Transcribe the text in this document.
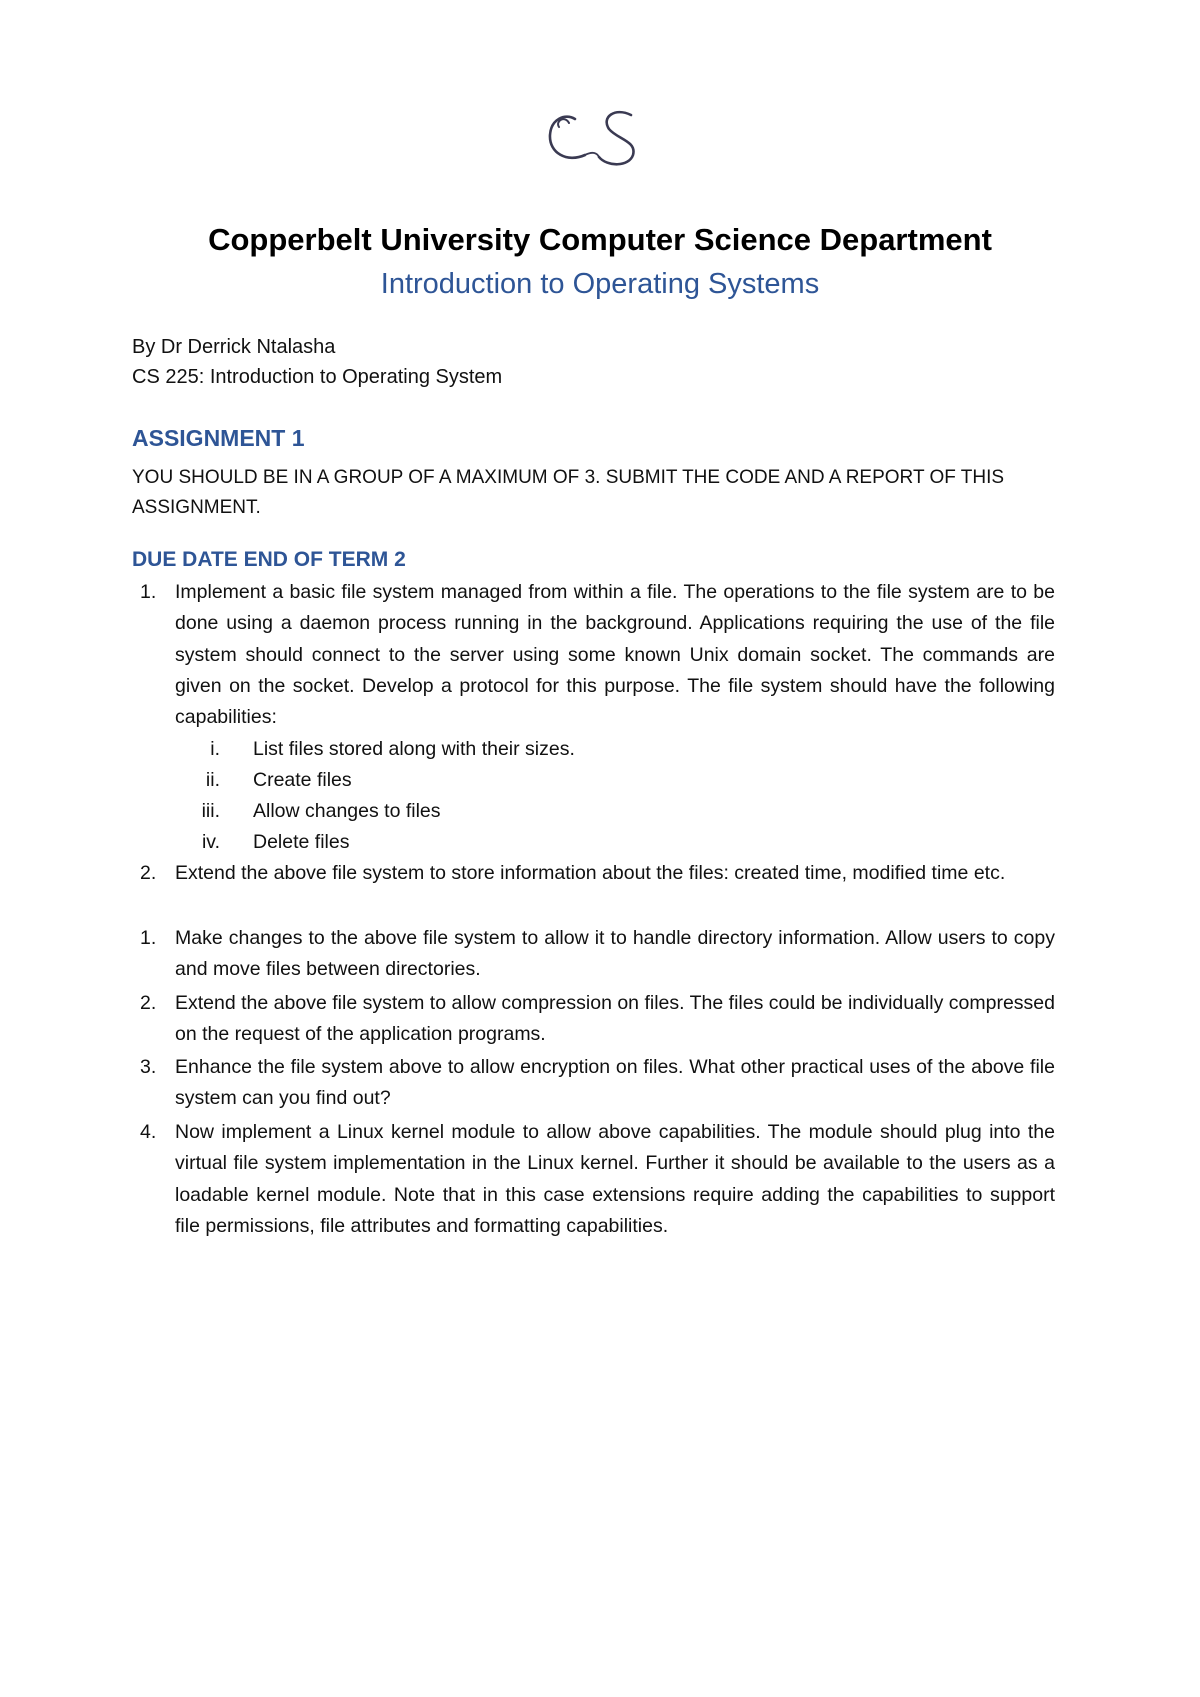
Copperbelt University Computer Science Department
Introduction to Operating Systems
By Dr Derrick Ntalasha
CS 225: Introduction to Operating System
ASSIGNMENT 1
YOU SHOULD BE IN A GROUP OF A MAXIMUM OF 3. SUBMIT THE CODE AND A REPORT OF THIS ASSIGNMENT.
DUE DATE END OF TERM 2
1. Implement a basic file system managed from within a file. The operations to the file system are to be done using a daemon process running in the background. Applications requiring the use of the file system should connect to the server using some known Unix domain socket. The commands are given on the socket. Develop a protocol for this purpose. The file system should have the following capabilities:
i. List files stored along with their sizes.
ii. Create files
iii. Allow changes to files
iv. Delete files
2. Extend the above file system to store information about the files: created time, modified time etc.
1. Make changes to the above file system to allow it to handle directory information. Allow users to copy and move files between directories.
2. Extend the above file system to allow compression on files. The files could be individually compressed on the request of the application programs.
3. Enhance the file system above to allow encryption on files. What other practical uses of the above file system can you find out?
4. Now implement a Linux kernel module to allow above capabilities. The module should plug into the virtual file system implementation in the Linux kernel. Further it should be available to the users as a loadable kernel module. Note that in this case extensions require adding the capabilities to support file permissions, file attributes and formatting capabilities.
